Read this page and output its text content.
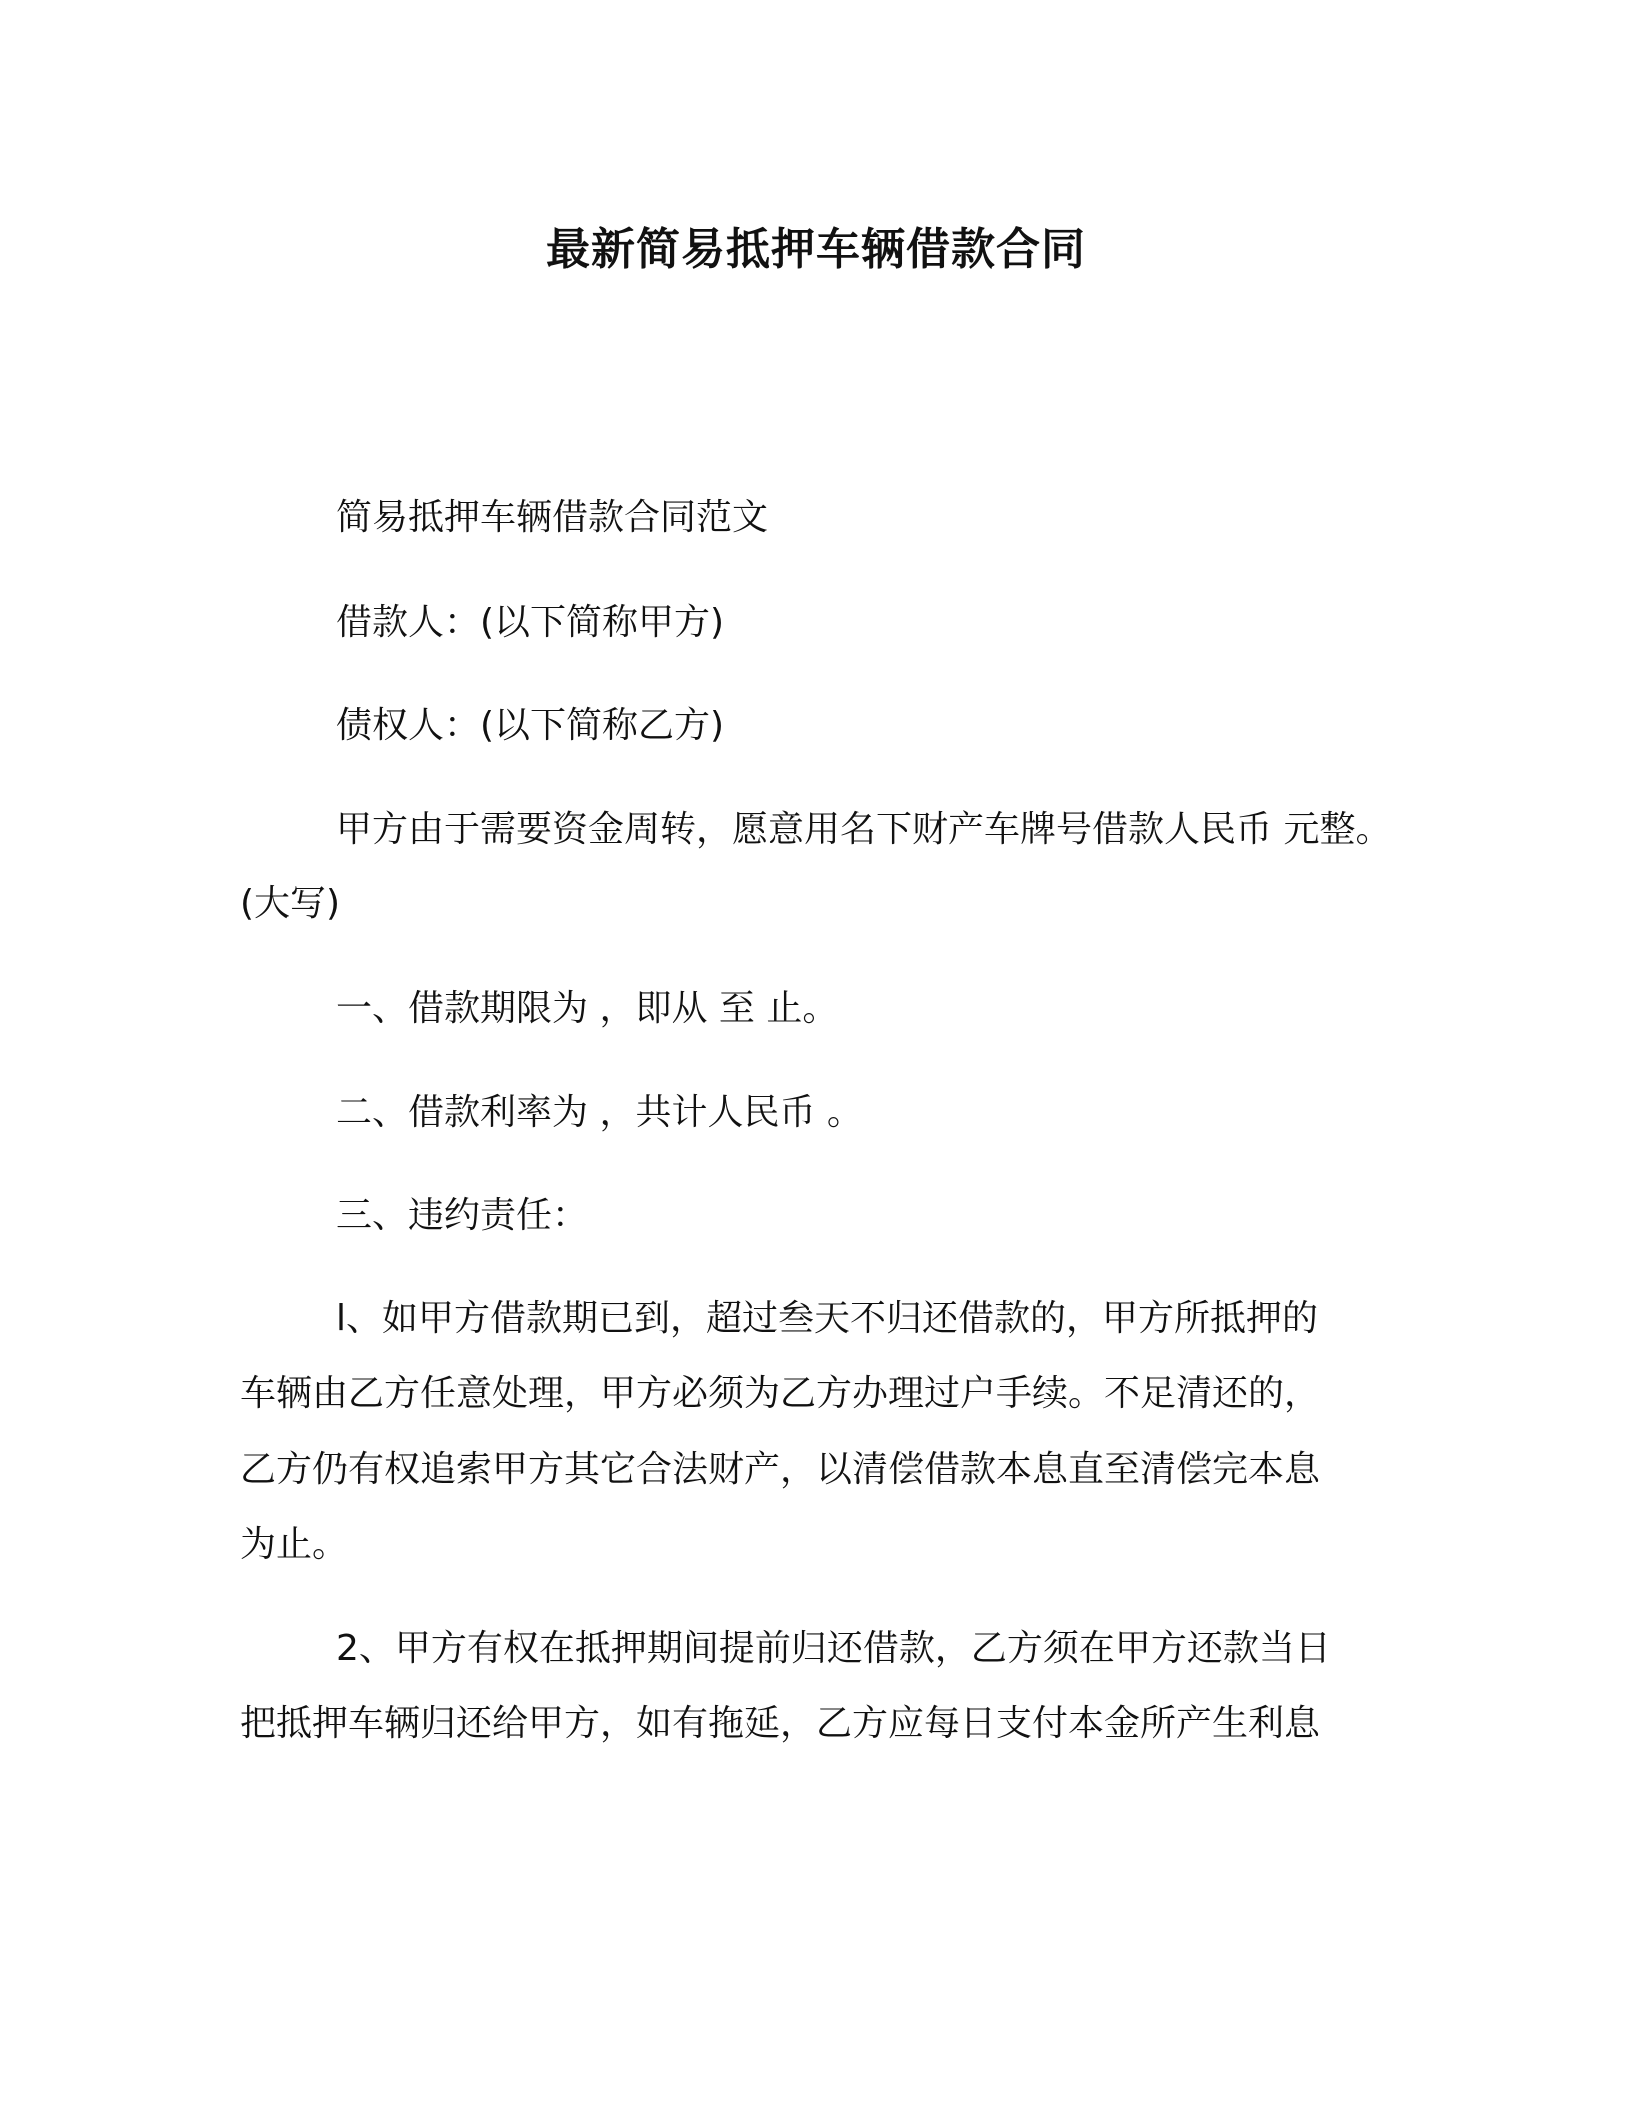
最新简易抵押车辆借款合同
简易抵押车辆借款合同范文
借款人：(以下简称甲方)
债权人：(以下简称乙方)
甲方由于需要资金周转，愿意用名下财产车牌号借款人民币 元整。
(大写)
一、借款期限为 ，即从 至 止。
二、借款利率为 ，共计人民币 。
三、违约责任：
l、如甲方借款期已到，超过叁天不归还借款的，甲方所抵押的
车辆由乙方任意处理，甲方必须为乙方办理过户手续。不足清还的，
乙方仍有权追索甲方其它合法财产，以清偿借款本息直至清偿完本息
为止。
2、甲方有权在抵押期间提前归还借款，乙方须在甲方还款当日
把抵押车辆归还给甲方，如有拖延，乙方应每日支付本金所产生利息
